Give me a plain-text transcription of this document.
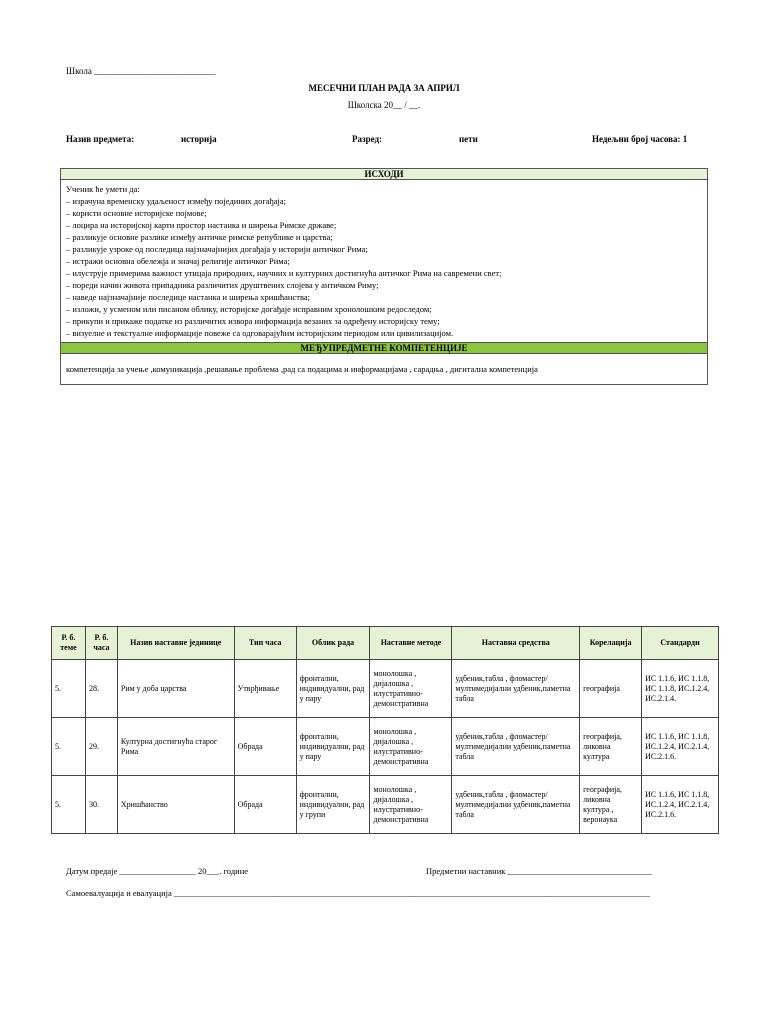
Школа ___________________________
МЕСЕЧНИ ПЛАН РАДА ЗА АПРИЛ
Школска 20__ / __.
Назив предмета:	историја	Разред:	пети	Недељни број часова: 1
ИСХОДИ
Ученик ће умети да:
– израчуна временску удаљеност између појединих догађаја;
– користи основне историјске појмове;
– лоцира на историјској карти простор настанка и ширења Римске државе;
– разликује основне разлике између античке римске републике и царства;
– разликује узроке од последица најзначајнијих догађаја у историји античког Рима;
– истражи основна обележја и значај религије античког Рима;
– илуструје примерима важност утицаја природних, научних и културних достигнућа античког Рима на савремени свет;
– пореди начин живота припадника различитих друштвених слојева у античком Риму;
– наведе најзначајније последице настанка и ширења хришћанства;
– изложи, у усменом или писаном облику, историјске догађаје исправним хронолошким редоследом;
– прикупи и прикаже податке из различитих извора информација везаних за одређену историјску тему;
– визуелне и текстуалне информације повеже са одговарајућим историјским периодом или цивилизацијом.
МЕЂУПРЕДМЕТНЕ КОМПЕТЕНЦИЈЕ
компетенција за учење ,комуникација ,решавање проблема ,рад са подацима и информацијама , сарадња , дигитална компетенција
Р. б. теме	Р. б. часа	Назив наставне јединице	Тип часа	Облик рада	Наставне методе	Наставна средства	Корелација	Стандарди
5.	28.	Рим у доба царства	Утврђивање	фронтални, индивидуални, рад у пару	монолошка , дијалошка , илустративно-демонстративна	удбеник,табла , фломастер/мултимедијални удбеник,паметна табла	географија	ИС 1.1.6, ИС 1.1.8, ИС 1.1.8, ИС.1.2.4, ИС.2.1.4.
5.	29.	Културна достигнућа старог Рима	Обрада	фронтални, индивидуални, рад у пару	монолошка , дијалошка , илустративно-демонстративна	удбеник,табла , фломастер/мултимедијални удбеник,паметна табла	географија, ликовна култура	ИС 1.1.6, ИС 1.1.8, ИС.1.2.4, ИС.2.1.4, ИС.2.1.6.
5.	30.	Хришћанство	Обрада	фронтални, индивидуални, рад у групи	монолошка , дијалошка , илустративно-демонстративна	удбеник,табла , фломастер/мултимедијални удбеник,паметна табла	географија, ликовна култура , веронаука	ИС 1.1.6, ИС 1.1.8, ИС.1.2.4, ИС.2.1.4, ИС.2.1.6.
Датум предаје __________________ 20___. године	Предметни наставник __________________________________
Самоевалуација и евалуација ________________________________________________________________________________________________________________
